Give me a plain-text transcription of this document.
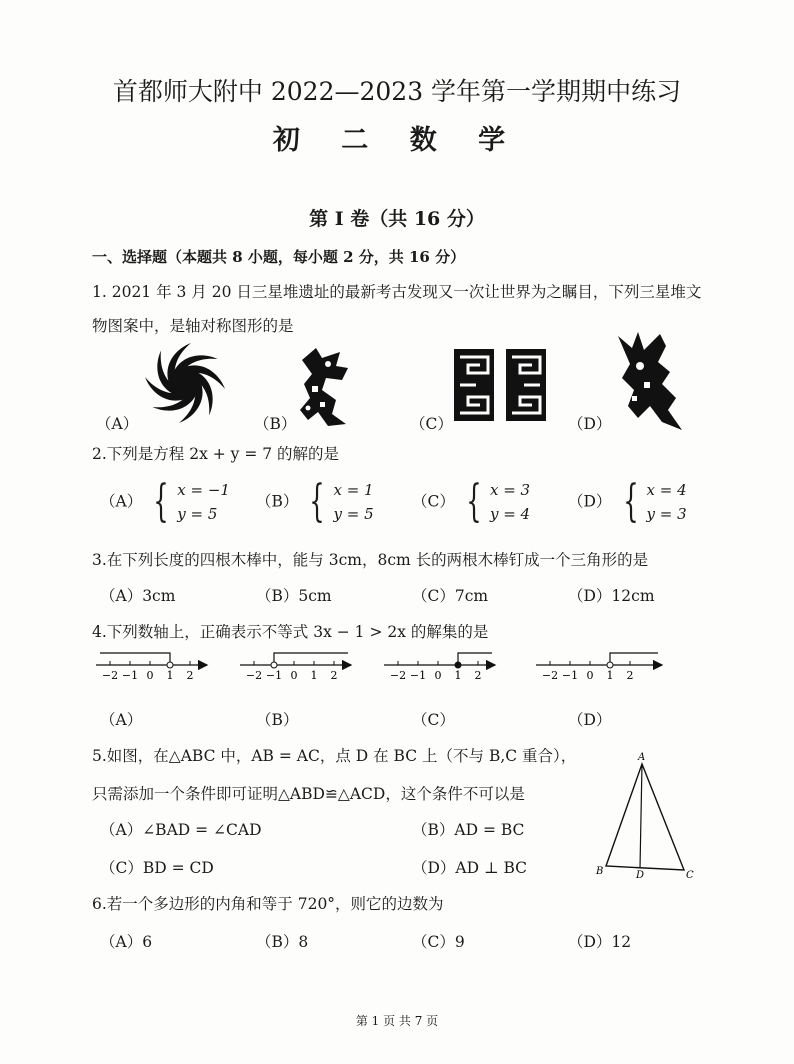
首都师大附中 2022—2023 学年第一学期期中练习
初 二 数 学
第 I 卷（共 16 分）
一、选择题（本题共 8 小题，每小题 2 分，共 16 分）
1. 2021 年 3 月 20 日三星堆遗址的最新考古发现又一次让世界为之瞩目，下列三星堆文
物图案中，是轴对称图形的是
（A）	（B）	（C）	（D）
2.下列是方程 2x + y = 7 的解的是
（A） { x = −1
y = 5
（B） { x = 1
y = 5
（C） { x = 3
y = 4
（D） { x = 4
y = 3
3.在下列长度的四根木棒中，能与 3cm，8cm 长的两根木棒钉成一个三角形的是
（A）3cm	（B）5cm	（C）7cm	（D）12cm
4.下列数轴上，正确表示不等式 3x − 1 > 2x 的解集的是
−2 −1 0 1 2	−2 −1 0 1 2	−2 −1 0 1 2	−2 −1 0 1 2
（A）	（B）	（C）	（D）
5.如图，在△ABC 中，AB = AC，点 D 在 BC 上（不与 B,C 重合），
只需添加一个条件即可证明△ABD≌△ACD，这个条件不可以是
（A）∠BAD = ∠CAD	（B）AD = BC
（C）BD = CD	（D）AD ⊥ BC
A
B	D	C
6.若一个多边形的内角和等于 720°，则它的边数为
（A）6	（B）8	（C）9	（D）12
第 1 页 共 7 页
